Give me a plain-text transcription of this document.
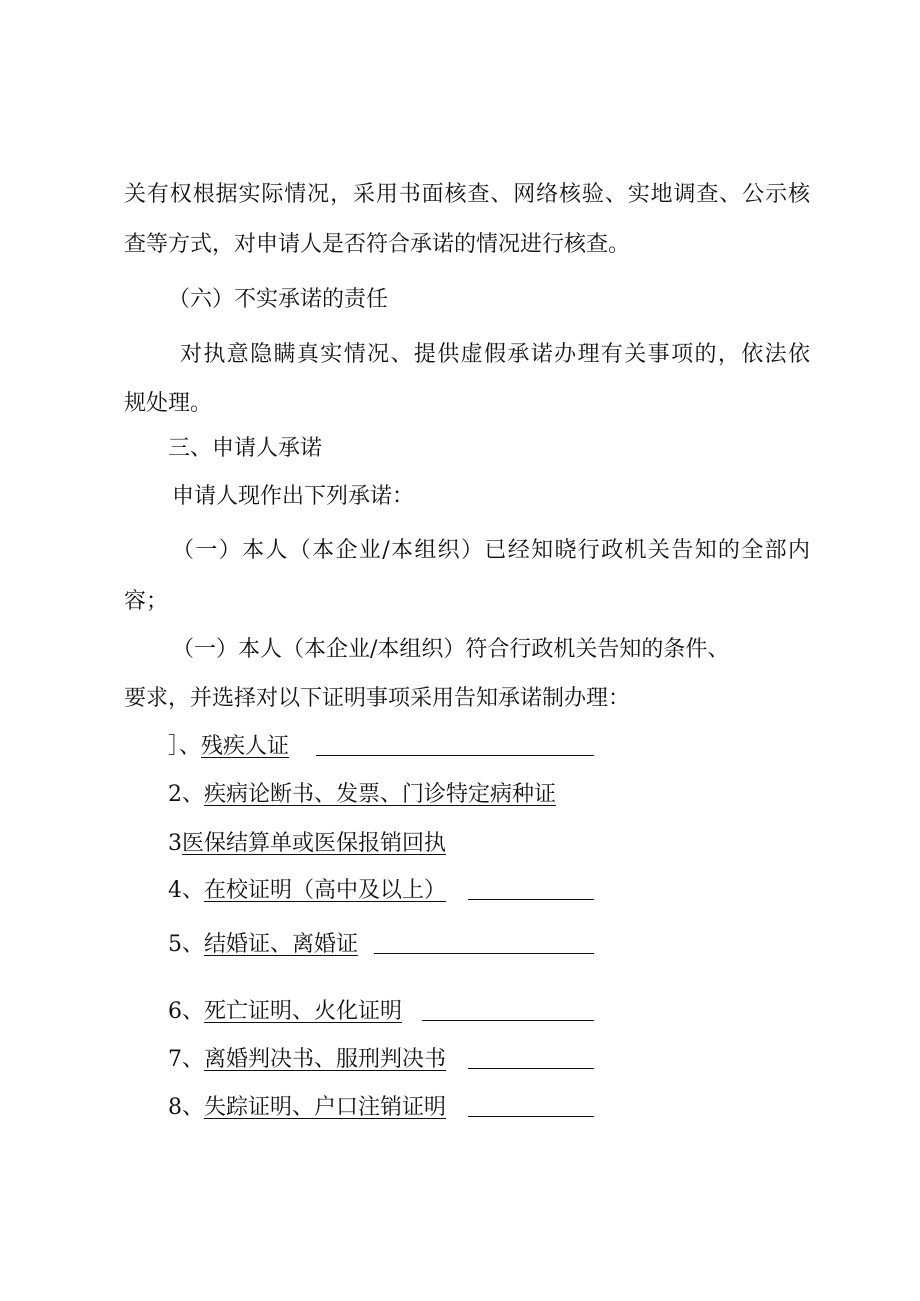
关有权根据实际情况，采用书面核查、网络核验、实地调查、公示核
查等方式，对申请人是否符合承诺的情况进行核查。
（六）不实承诺的责任
对执意隐瞒真实情况、提供虚假承诺办理有关事项的，依法依
规处理。
三、申请人承诺
申请人现作出下列承诺：
（一）本人（本企业/本组织）已经知晓行政机关告知的全部内
容；
（一）本人（本企业/本组织）符合行政机关告知的条件、
要求，并选择对以下证明事项采用告知承诺制办理：
］、残疾人证
2、疾病论断书、发票、门诊特定病种证
3医保结算单或医保报销回执
4、在校证明（高中及以上）
5、结婚证、离婚证
6、死亡证明、火化证明
7、离婚判决书、服刑判决书
8、失踪证明、户口注销证明
